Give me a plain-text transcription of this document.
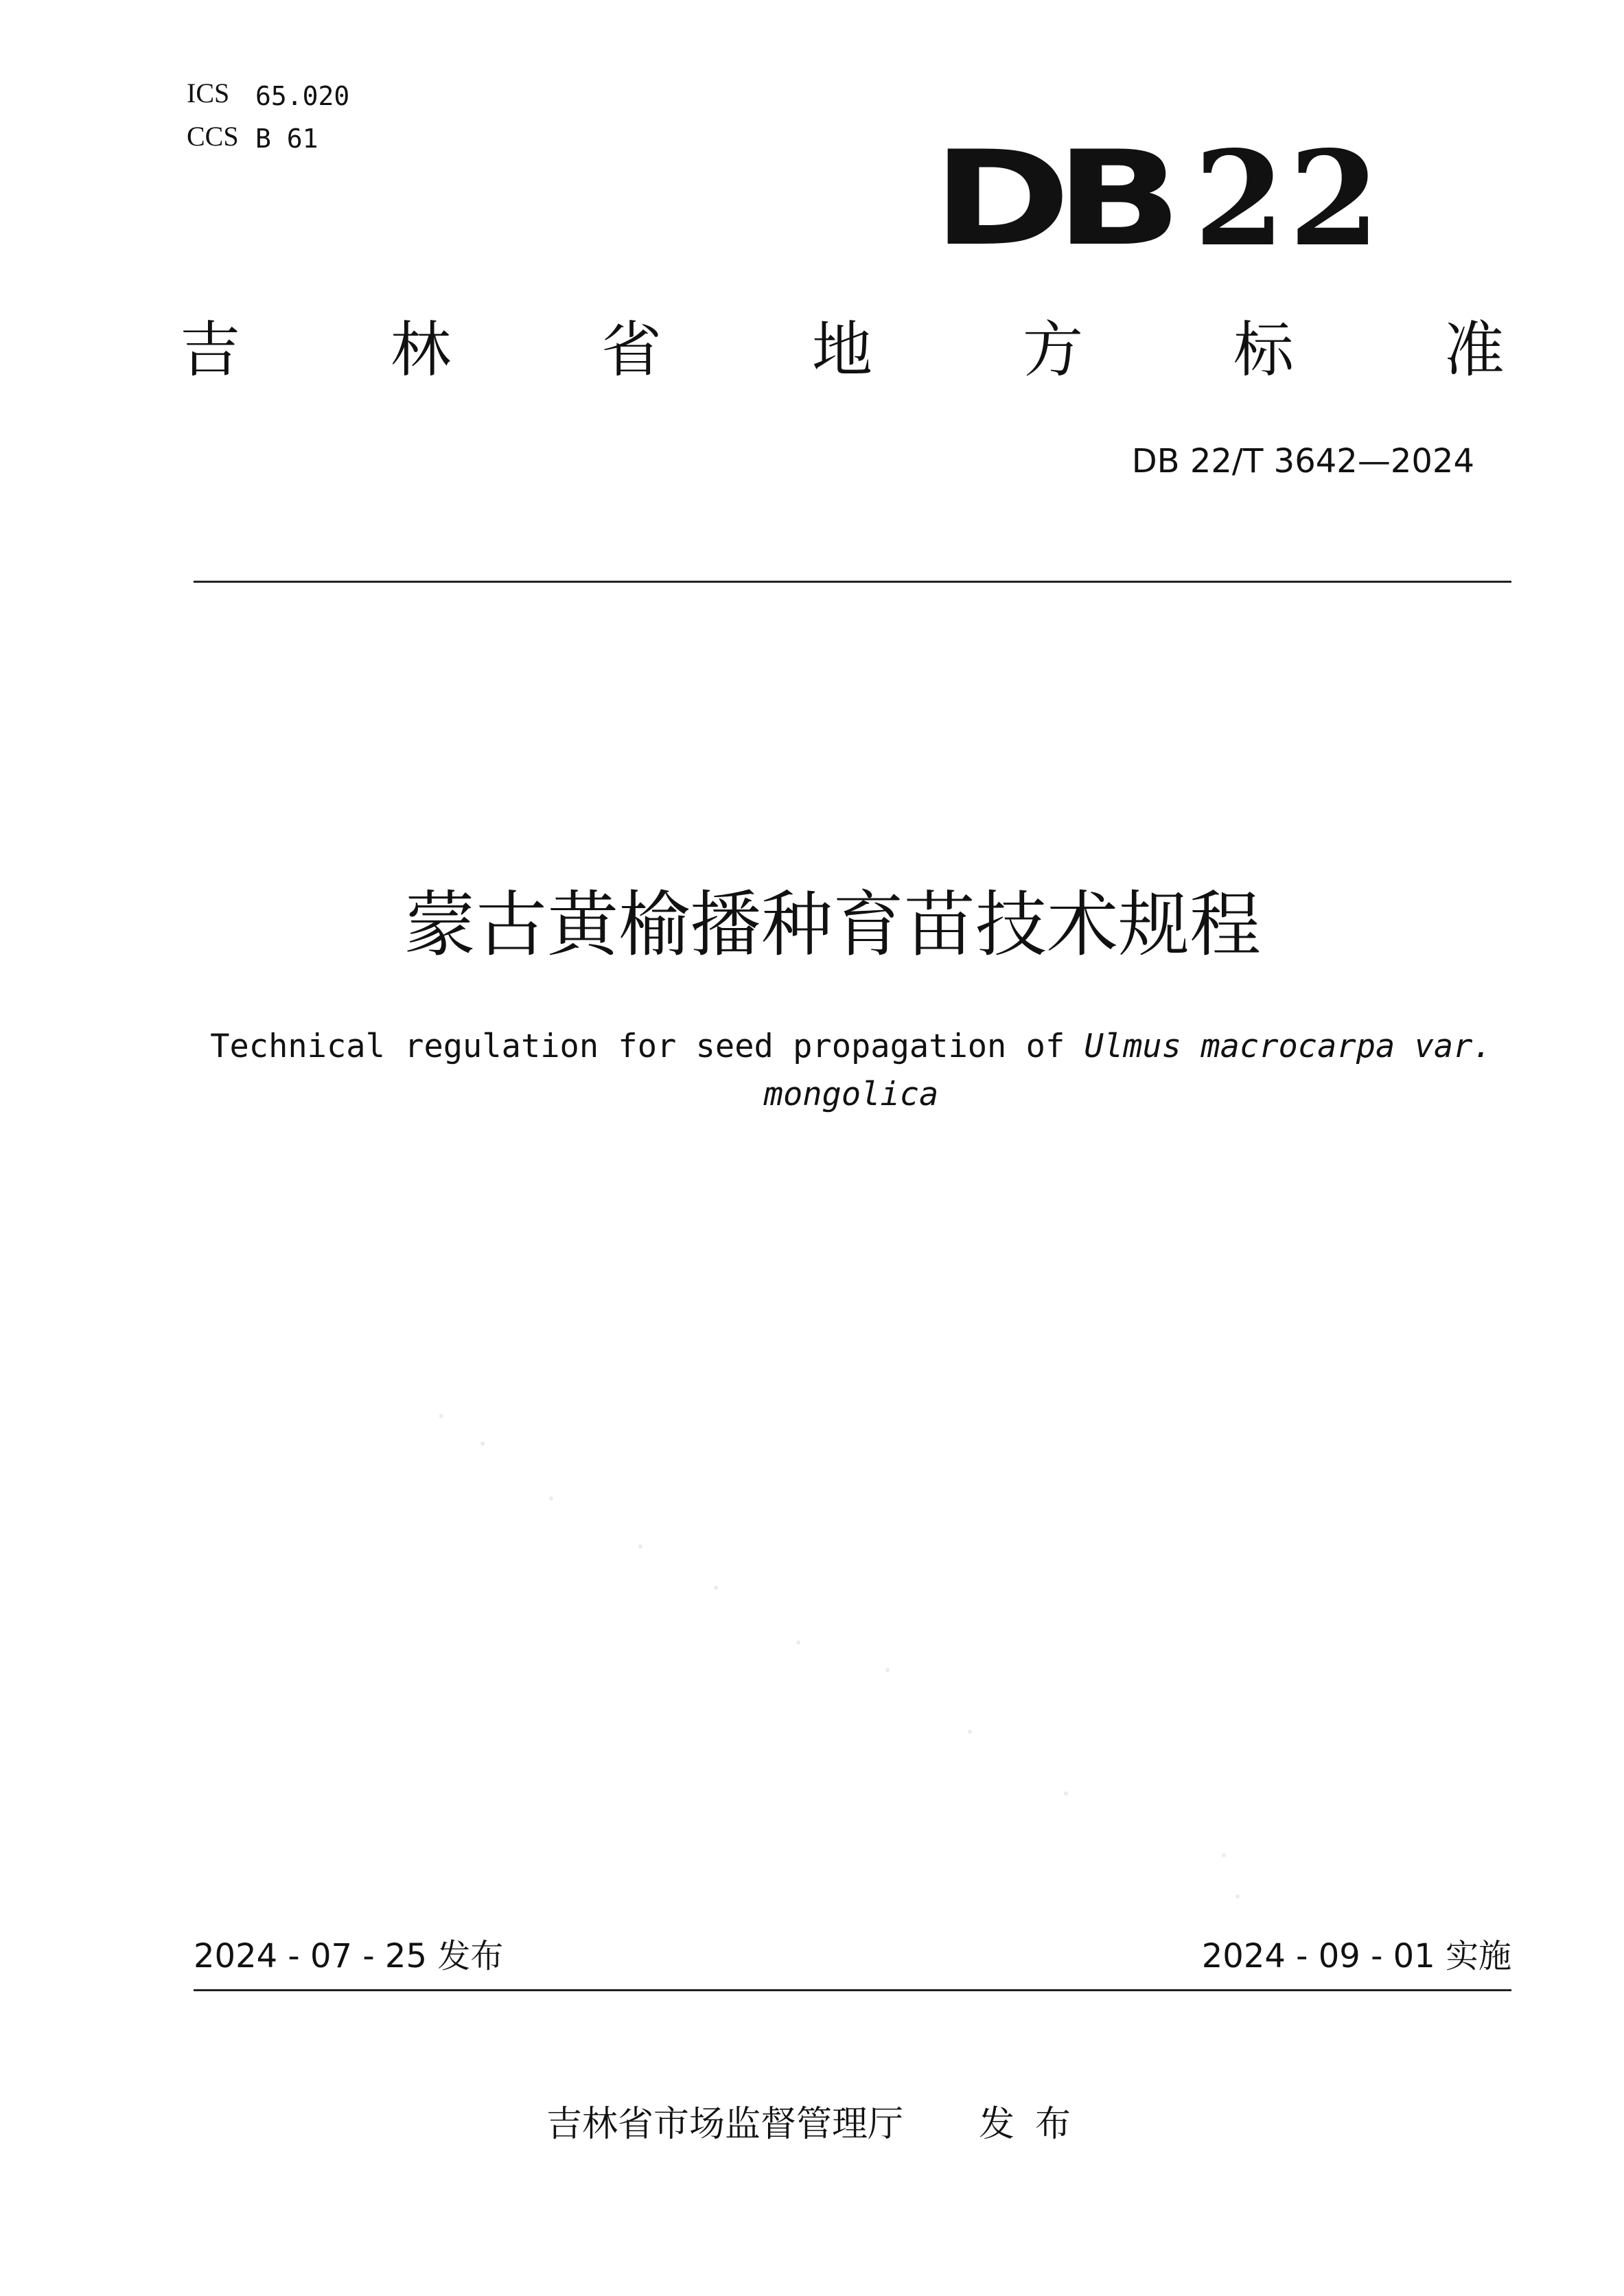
ICS 65.020
CCS B 61	DB 22
吉 林 省 地 方 标 准
DB 22/T 3642—2024
蒙古黄榆播种育苗技术规程
Technical regulation for seed propagation of Ulmus macrocarpa var.
mongolica
2024 - 07 - 25 发布	2024 - 09 - 01 实施
吉林省市场监督管理厅 发布
